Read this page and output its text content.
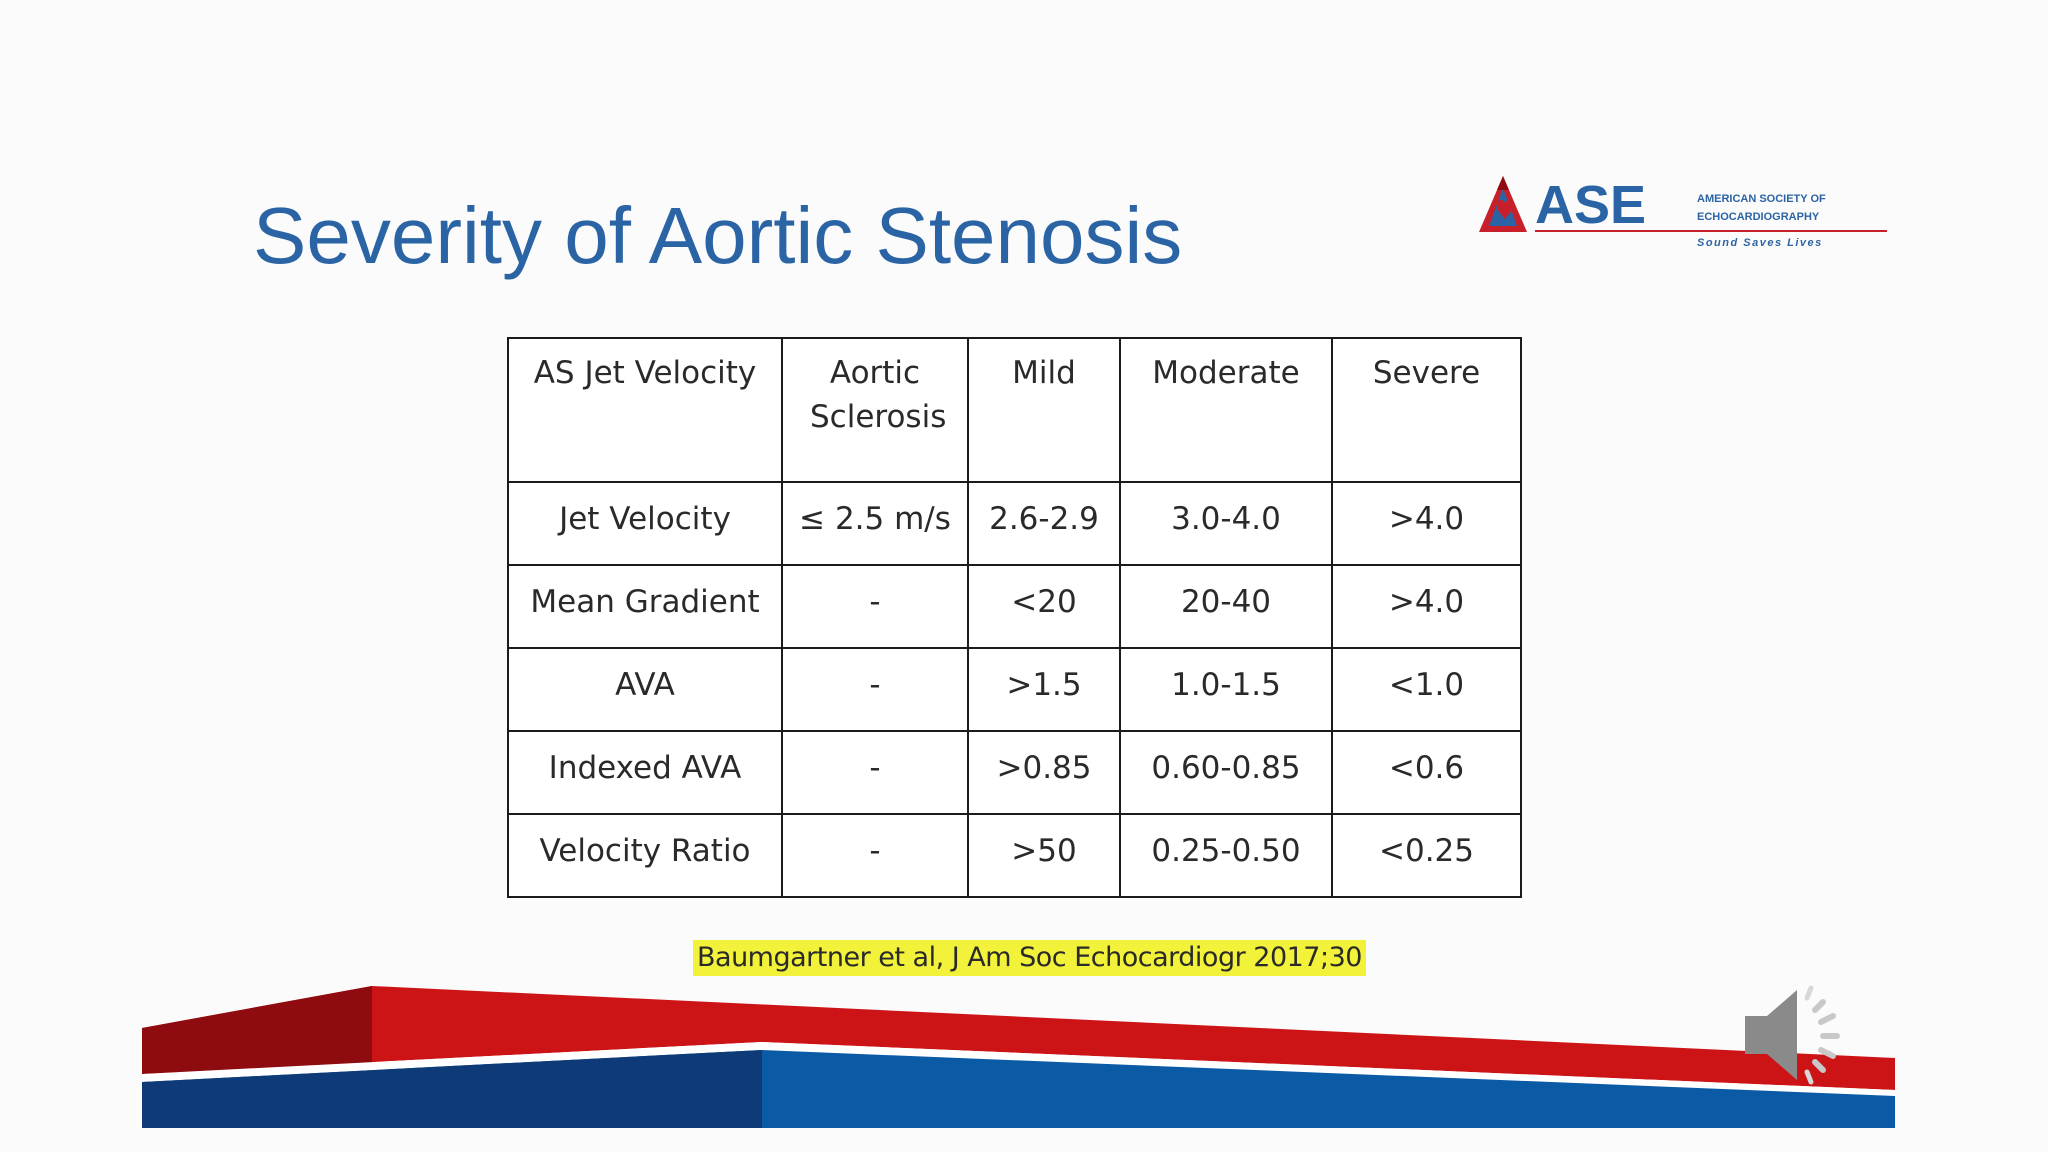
Severity of Aortic Stenosis	ASE	AMERICAN SOCIETY OF
ECHOCARDIOGRAPHY
Sound Saves Lives
AS Jet Velocity	Aortic Sclerosis	Mild	Moderate	Severe
Jet Velocity	≤ 2.5 m/s	2.6-2.9	3.0-4.0	>4.0
Mean Gradient	-	<20	20-40	>4.0
AVA	-	>1.5	1.0-1.5	<1.0
Indexed AVA	-	>0.85	0.60-0.85	<0.6
Velocity Ratio	-	>50	0.25-0.50	<0.25
Baumgartner et al, J Am Soc Echocardiogr 2017;30
